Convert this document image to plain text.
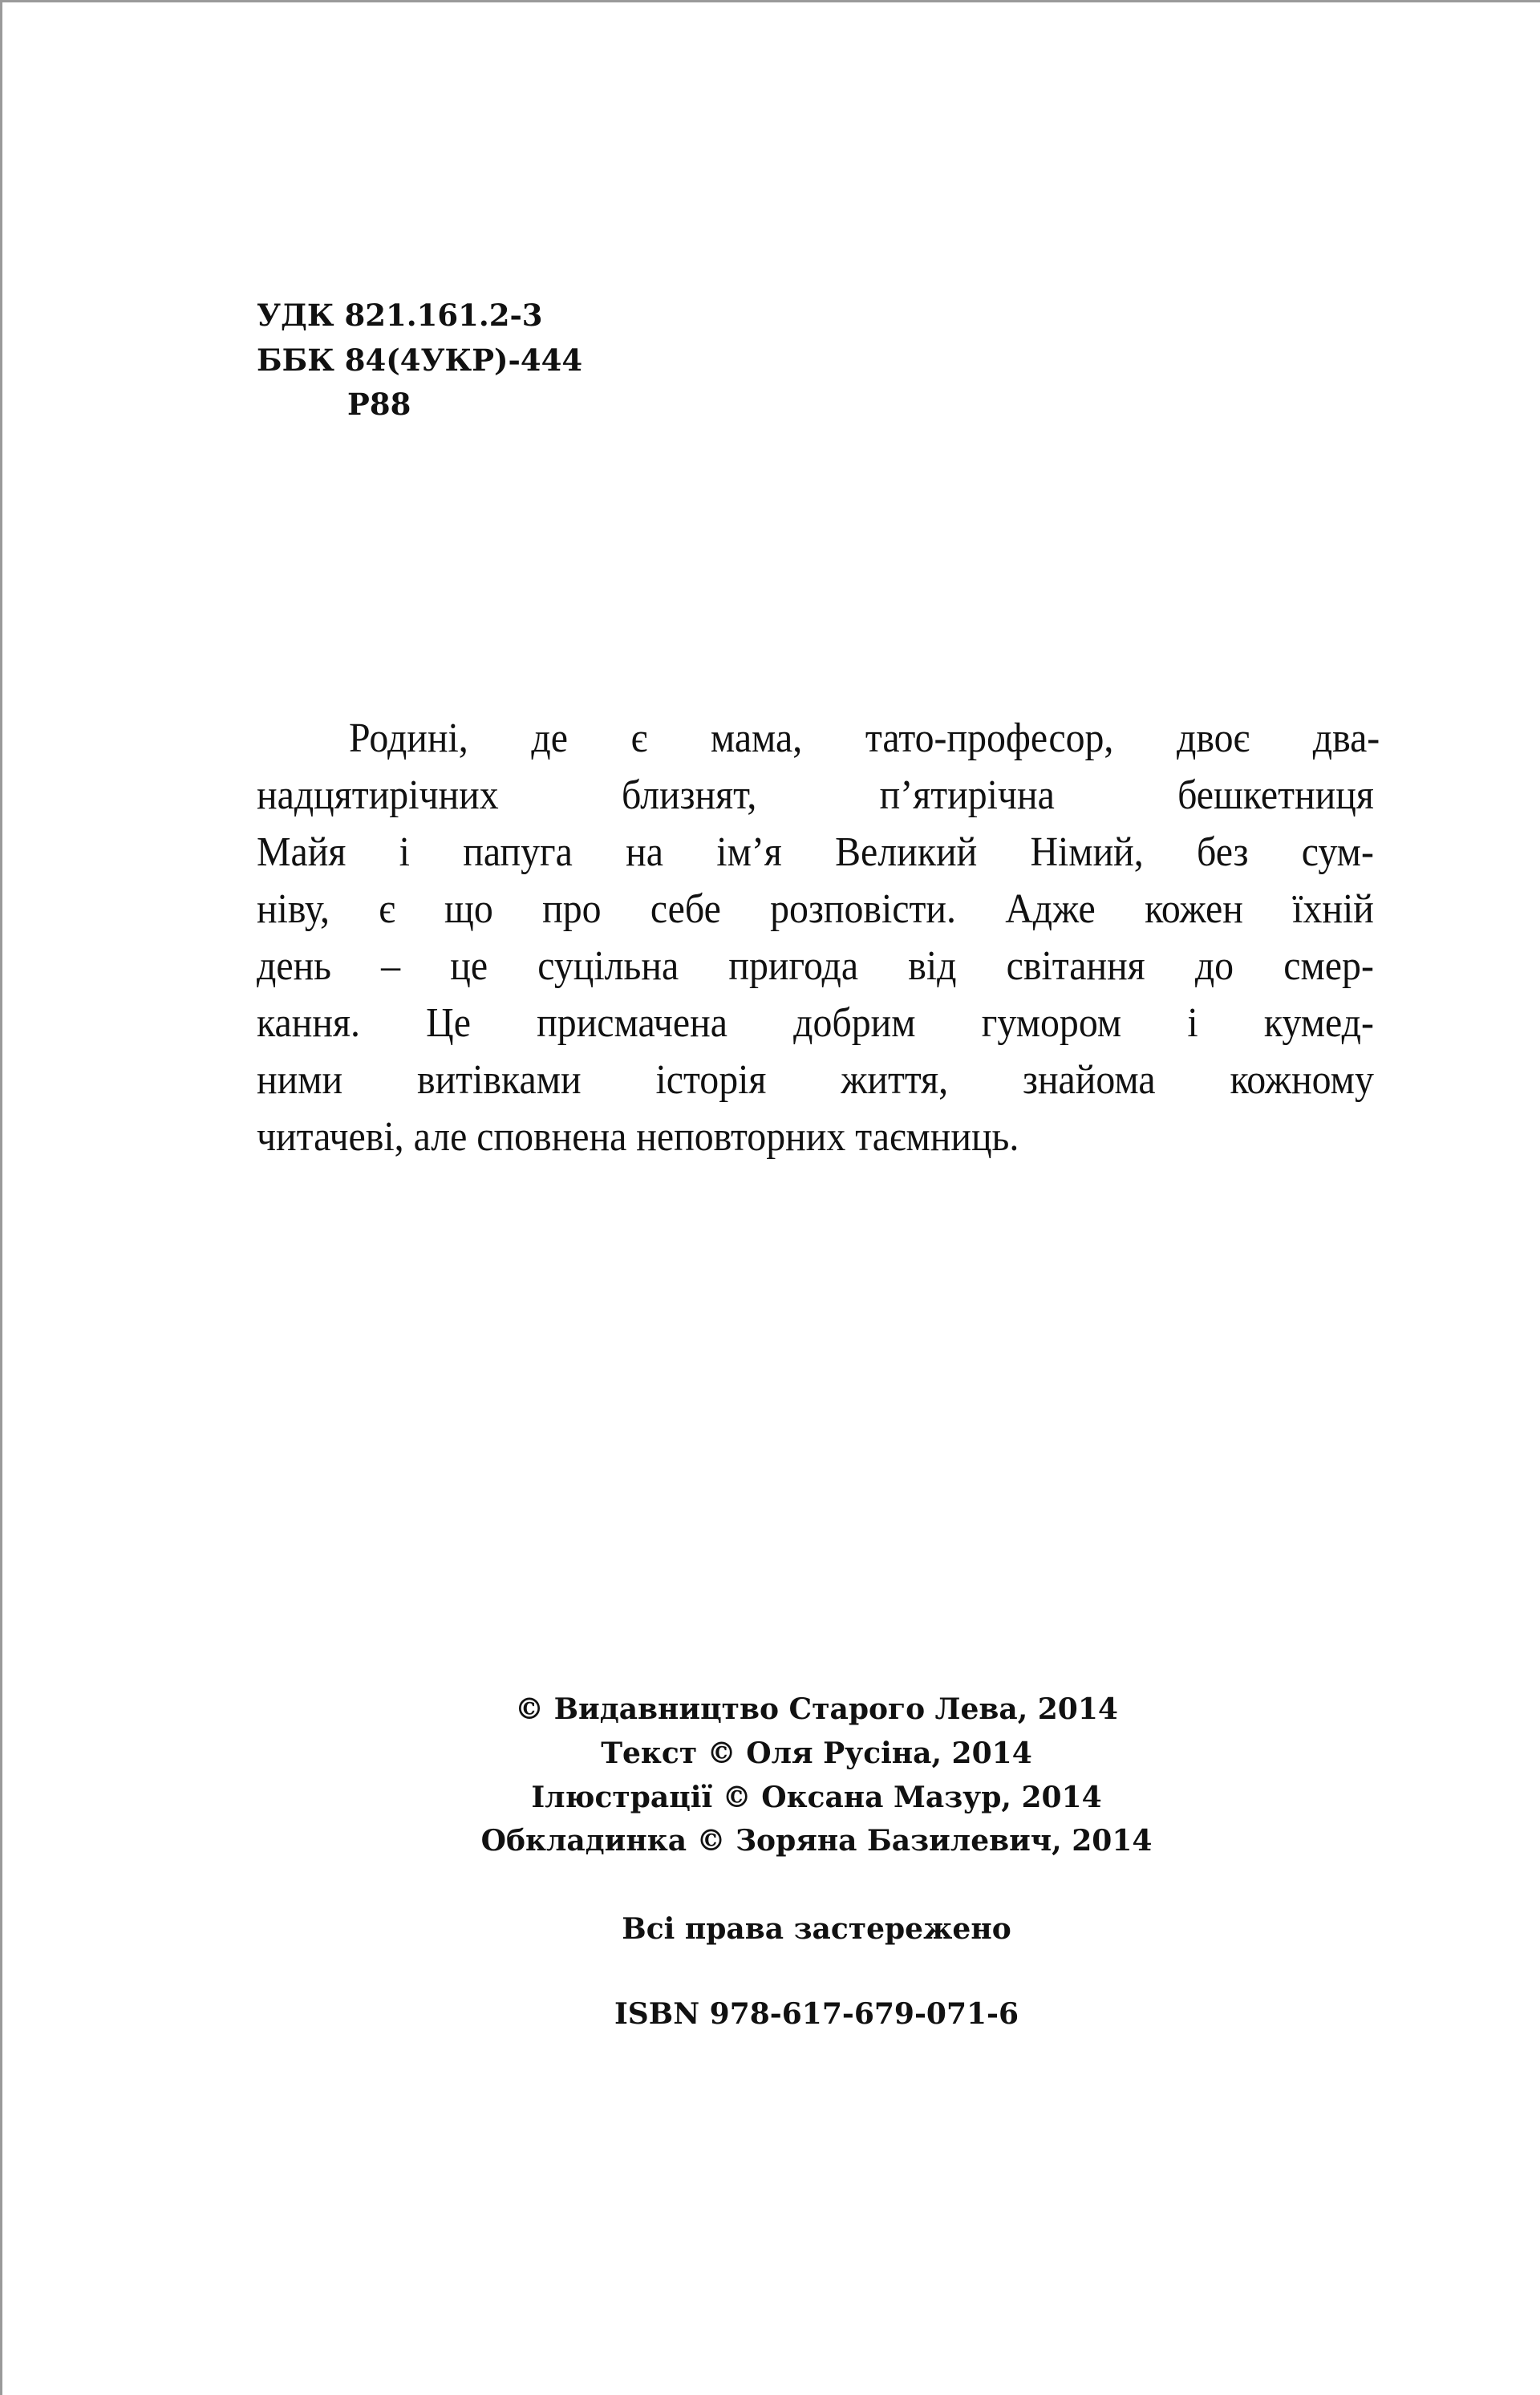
УДК 821.161.2-3
ББК 84(4УКР)-444
Р88
Родині, де є мама, тато-професор, двоє два-
надцятирічних близнят, п’ятирічна бешкетниця
Майя і папуга на ім’я Великий Німий, без сум-
ніву, є що про себе розповісти. Адже кожен їхній
день – це суцільна пригода від світання до смер-
кання. Це присмачена добрим гумором і кумед-
ними витівками історія життя, знайома кожному
читачеві, але сповнена неповторних таємниць.
© Видавництво Старого Лева, 2014
Текст © Оля Русіна, 2014
Ілюстрації © Оксана Мазур, 2014
Обкладинка © Зоряна Базилевич, 2014
Всі права застережено
ISBN 978-617-679-071-6
